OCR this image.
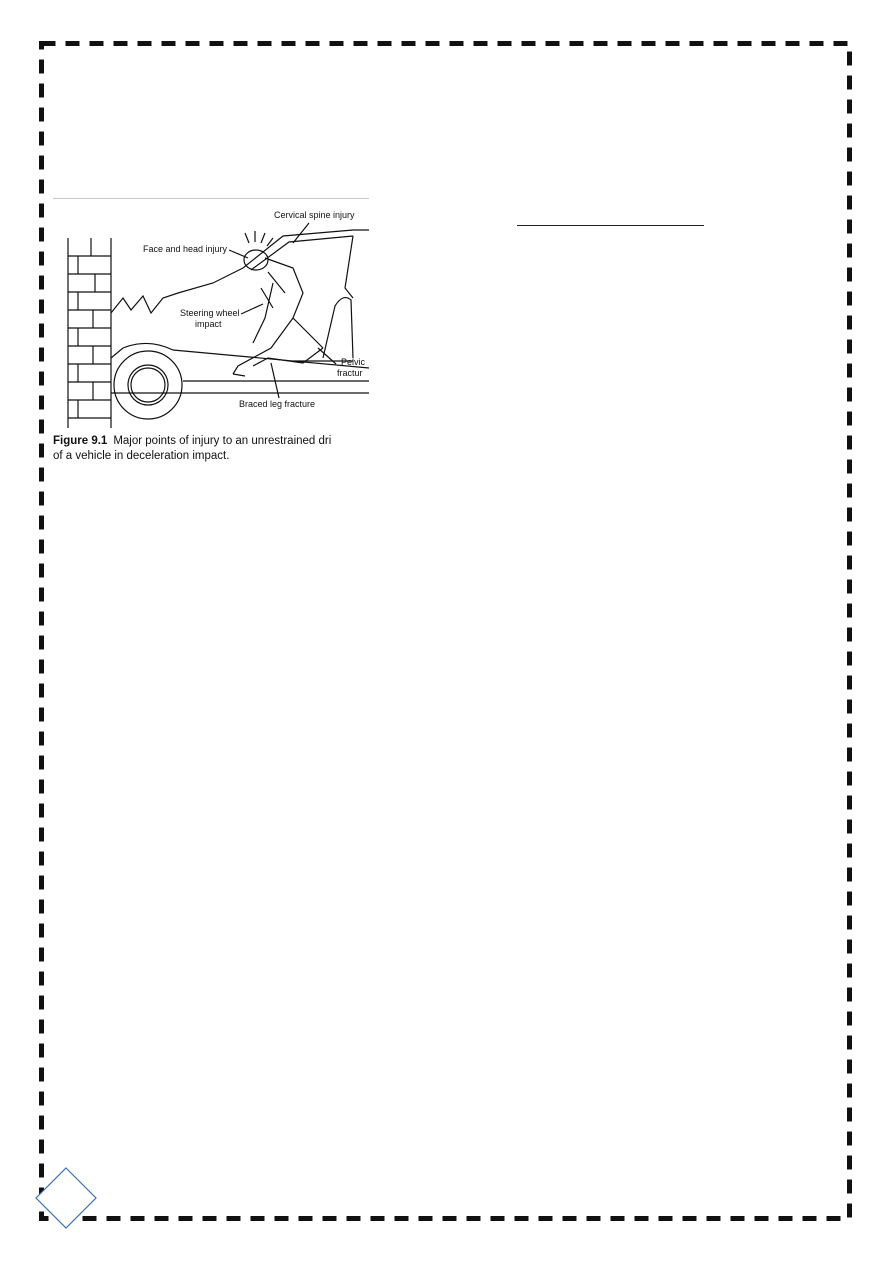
Cervical spine injury
Face and head injury
Steering wheel
impact
Pelvic
fractur
Braced leg fracture
Figure 9.1 Major points of injury to an unrestrained dri
of a vehicle in deceleration impact.
